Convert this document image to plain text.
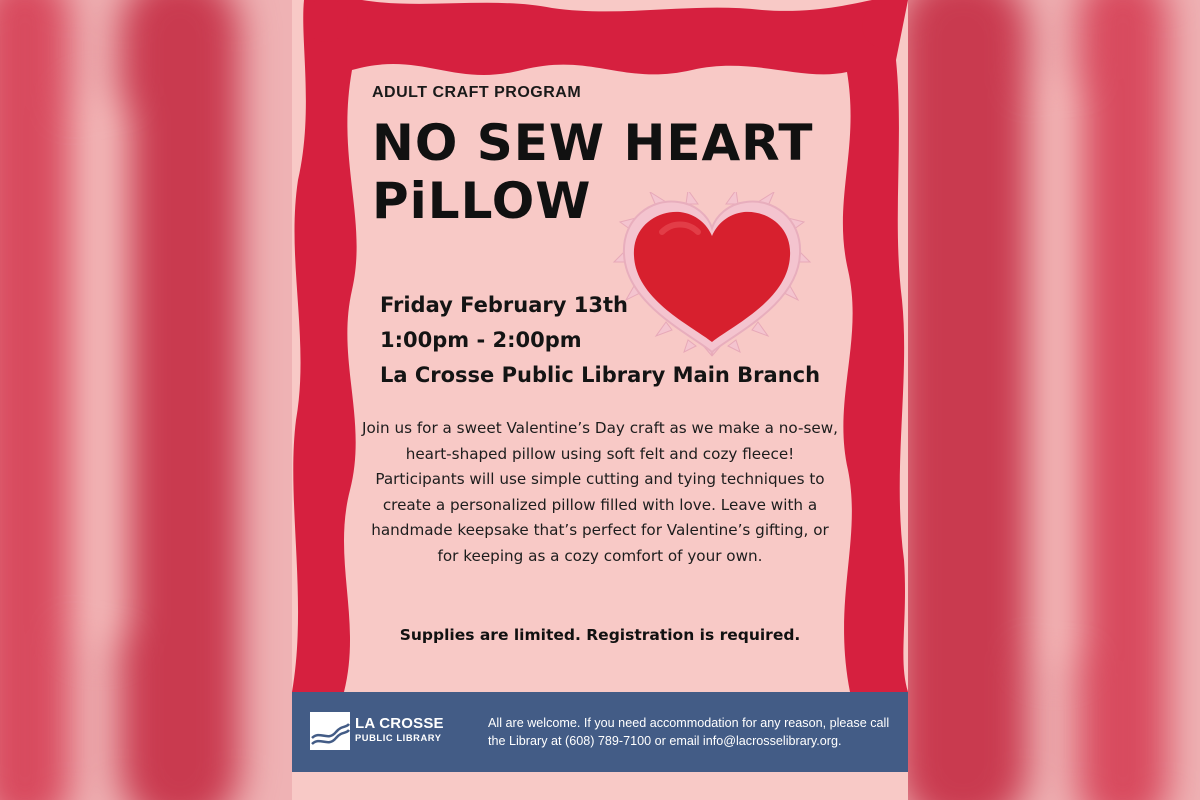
ADULT CRAFT PROGRAM
NO SEW HEART
PiLLOW
Friday February 13th
1:00pm - 2:00pm
La Crosse Public Library Main Branch
Join us for a sweet Valentine’s Day craft as we make a no-sew, heart-shaped pillow using soft felt and cozy fleece! Participants will use simple cutting and tying techniques to create a personalized pillow filled with love. Leave with a handmade keepsake that’s perfect for Valentine’s gifting, or for keeping as a cozy comfort of your own.
Supplies are limited. Registration is required.
LA CROSSE
PUBLIC LIBRARY
All are welcome. If you need accommodation for any reason, please call the Library at (608) 789-7100 or email info@lacrosselibrary.org.
